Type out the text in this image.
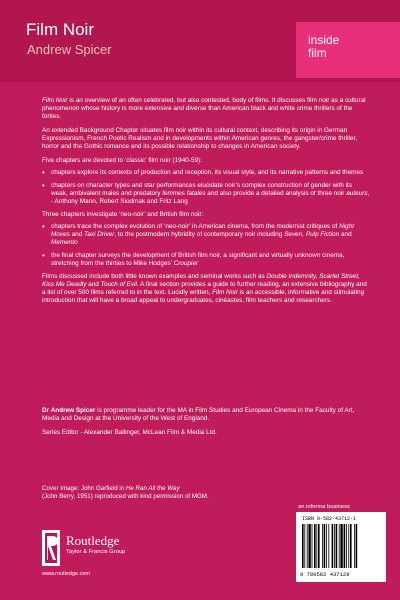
Film Noir
Andrew Spicer
inside
film

Film Noir is an overview of an often celebrated, but also contested, body of films. It discusses film noir as a cultural phenomenon whose history is more extensive and diverse than American black and white crime thrillers of the forties.

An extended Background Chapter situates film noir within its cultural context, describing its origin in German Expressionism, French Poetic Realism and in developments within American genres, the gangster/crime thriller, horror and the Gothic romance and its possible relationship to changes in American society.

Five chapters are devoted to ‘classic’ film noir (1940-59):

• chapters explore its contexts of production and reception, its visual style, and its narrative patterns and themes
• chapters on character types and star performances elucidate noir’s complex construction of gender with its weak, ambivalent males and predatory femmes fatales and also provide a detailed analysis of three noir auteurs, - Anthony Mann, Robert Siodmak and Fritz Lang

Three chapters investigate ‘neo-noir’ and British film noir:

• chapters trace the complex evolution of ‘neo-noir’ in American cinema, from the modernist critiques of Night Moves and Taxi Driver, to the postmodern hybridity of contemporary noir including Seven, Pulp Fiction and Memento
• the final chapter surveys the development of British film noir, a significant and virtually unknown cinema, stretching from the thirties to Mike Hodges’ Croupier

Films discussed include both little known examples and seminal works such as Double Indemnity, Scarlet Street, Kiss Me Deadly and Touch of Evil. A final section provides a guide to further reading, an extensive bibliography and a list of over 500 films referred to in the text. Lucidly written, Film Noir is an accessible, informative and stimulating introduction that will have a broad appeal to undergraduates, cinéastes, film teachers and researchers.

Dr Andrew Spicer is programme leader for the MA in Film Studies and European Cinema in the Faculty of Art, Media and Design at the University of the West of England.

Series Editor - Alexander Ballinger, McLean Film & Media Ltd.

Cover Image: John Garfield in He Ran All the Way
(John Berry, 1951) reproduced with kind permission of MGM.
Routledge
Taylor & Francis Group
www.routledge.com
an informa business
ISBN 0-582-43712-1
9 780582 437128
